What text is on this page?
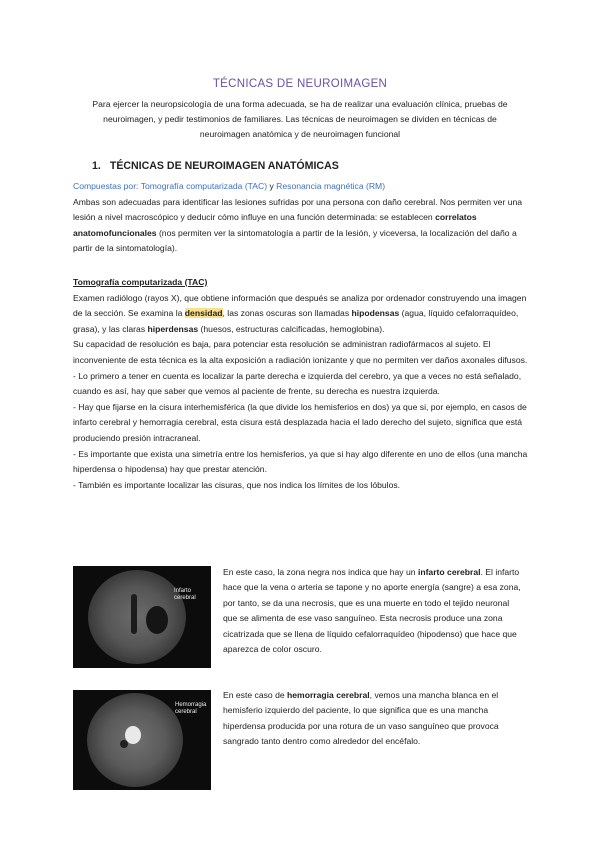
TÉCNICAS DE NEUROIMAGEN
Para ejercer la neuropsicología de una forma adecuada, se ha de realizar una evaluación clínica, pruebas de neuroimagen, y pedir testimonios de familiares. Las técnicas de neuroimagen se dividen en técnicas de neuroimagen anatómica y de neuroimagen funcional
1. TÉCNICAS DE NEUROIMAGEN ANATÓMICAS

Compuestas por: Tomografía computarizada (TAC) y Resonancia magnética (RM)

Ambas son adecuadas para identificar las lesiones sufridas por una persona con daño cerebral. Nos permiten ver una lesión a nivel macroscópico y deducir cómo influye en una función determinada: se establecen correlatos anatomofuncionales (nos permiten ver la sintomatología a partir de la lesión, y viceversa, la localización del daño a partir de la sintomatología).

Tomografía computarizada (TAC)

Examen radiólogo (rayos X), que obtiene información que después se analiza por ordenador construyendo una imagen de la sección. Se examina la densidad, las zonas oscuras son llamadas hipodensas (agua, líquido cefalorraquídeo, grasa), y las claras hiperdensas (huesos, estructuras calcificadas, hemoglobina).

Su capacidad de resolución es baja, para potenciar esta resolución se administran radiofármacos al sujeto. El inconveniente de esta técnica es la alta exposición a radiación ionizante y que no permiten ver daños axonales difusos.

- Lo primero a tener en cuenta es localizar la parte derecha e izquierda del cerebro, ya que a veces no está señalado, cuando es así, hay que saber que vemos al paciente de frente, su derecha es nuestra izquierda.

- Hay que fijarse en la cisura interhemisférica (la que divide los hemisferios en dos) ya que si, por ejemplo, en casos de infarto cerebral y hemorragia cerebral, esta cisura está desplazada hacia el lado derecho del sujeto, significa que está produciendo presión intracraneal.

- Es importante que exista una simetría entre los hemisferios, ya que si hay algo diferente en uno de ellos (una mancha hiperdensa o hipodensa) hay que prestar atención.

- También es importante localizar las cisuras, que nos indica los límites de los lóbulos.

Infarto cerebral
En este caso, la zona negra nos indica que hay un infarto cerebral. El infarto hace que la vena o arteria se tapone y no aporte energía (sangre) a esa zona, por tanto, se da una necrosis, que es una muerte en todo el tejido neuronal que se alimenta de ese vaso sanguíneo. Esta necrosis produce una zona cicatrizada que se llena de líquido cefalorraquídeo (hipodenso) que hace que aparezca de color oscuro.
Hemorragia cerebral
En este caso de hemorragia cerebral, vemos una mancha blanca en el hemisferio izquierdo del paciente, lo que significa que es una mancha hiperdensa producida por una rotura de un vaso sanguíneo que provoca sangrado tanto dentro como alrededor del encéfalo.
